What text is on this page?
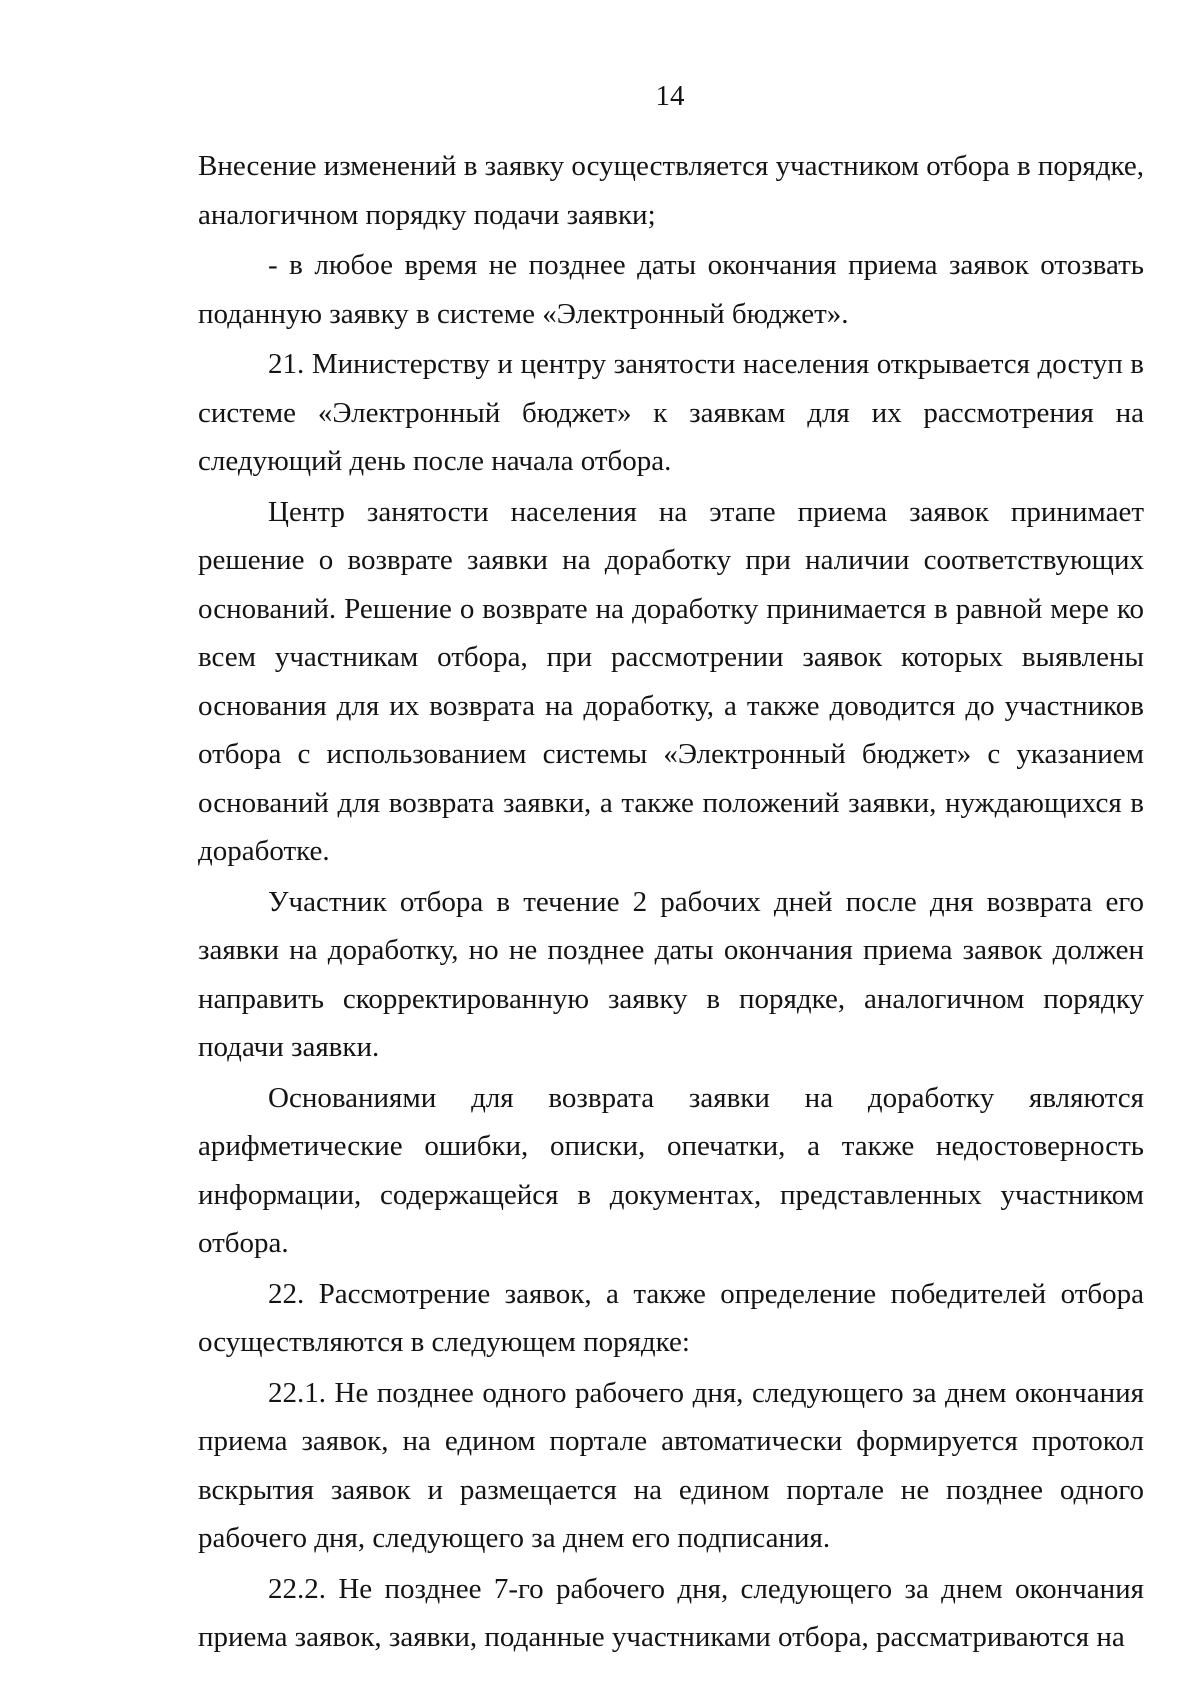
14

Внесение изменений в заявку осуществляется участником отбора в порядке, аналогичном порядку подачи заявки;

- в любое время не позднее даты окончания приема заявок отозвать поданную заявку в системе «Электронный бюджет».

21. Министерству и центру занятости населения открывается доступ в системе «Электронный бюджет» к заявкам для их рассмотрения на следующий день после начала отбора.

Центр занятости населения на этапе приема заявок принимает решение о возврате заявки на доработку при наличии соответствующих оснований. Решение о возврате на доработку принимается в равной мере ко всем участникам отбора, при рассмотрении заявок которых выявлены основания для их возврата на доработку, а также доводится до участников отбора с использованием системы «Электронный бюджет» с указанием оснований для возврата заявки, а также положений заявки, нуждающихся в доработке.

Участник отбора в течение 2 рабочих дней после дня возврата его заявки на доработку, но не позднее даты окончания приема заявок должен направить скорректированную заявку в порядке, аналогичном порядку подачи заявки.

Основаниями для возврата заявки на доработку являются арифметические ошибки, описки, опечатки, а также недостоверность информации, содержащейся в документах, представленных участником отбора.

22. Рассмотрение заявок, а также определение победителей отбора осуществляются в следующем порядке:

22.1. Не позднее одного рабочего дня, следующего за днем окончания приема заявок, на едином портале автоматически формируется протокол вскрытия заявок и размещается на едином портале не позднее одного рабочего дня, следующего за днем его подписания.

22.2. Не позднее 7-го рабочего дня, следующего за днем окончания приема заявок, заявки, поданные участниками отбора, рассматриваются на
